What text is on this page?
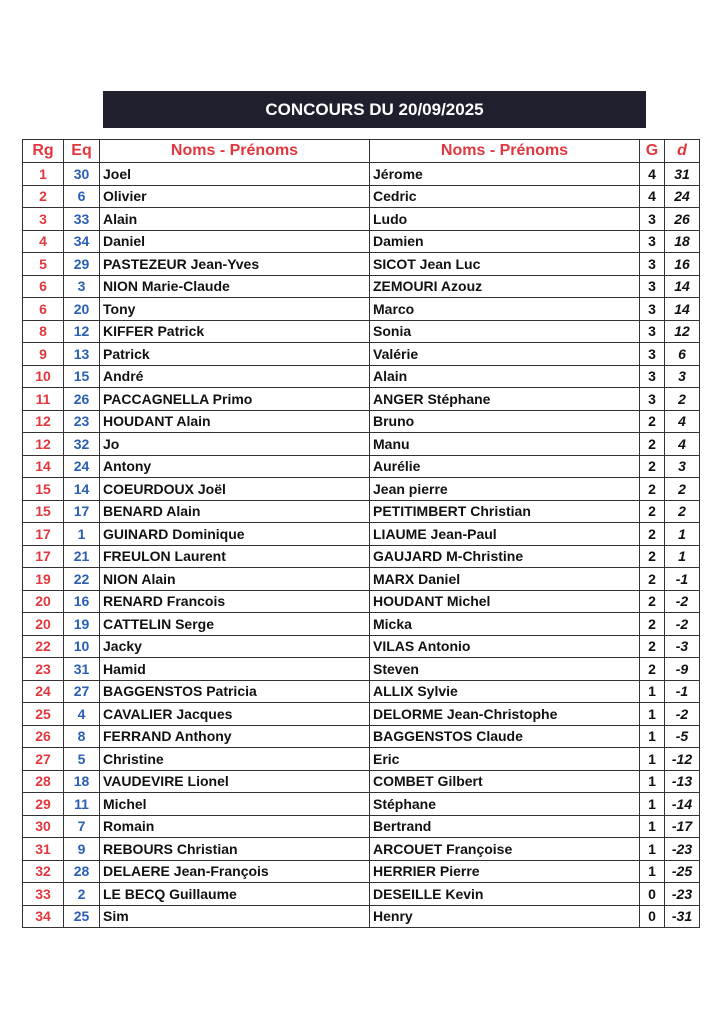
CONCOURS DU 20/09/2025
Rg	Eq	Noms - Prénoms	Noms - Prénoms	G	d
1	30	Joel	Jérome	4	31
2	6	Olivier	Cedric	4	24
3	33	Alain	Ludo	3	26
4	34	Daniel	Damien	3	18
5	29	PASTEZEUR Jean-Yves	SICOT Jean Luc	3	16
6	3	NION Marie-Claude	ZEMOURI Azouz	3	14
6	20	Tony	Marco	3	14
8	12	KIFFER Patrick	Sonia	3	12
9	13	Patrick	Valérie	3	6
10	15	André	Alain	3	3
11	26	PACCAGNELLA Primo	ANGER Stéphane	3	2
12	23	HOUDANT Alain	Bruno	2	4
12	32	Jo	Manu	2	4
14	24	Antony	Aurélie	2	3
15	14	COEURDOUX Joël	Jean pierre	2	2
15	17	BENARD Alain	PETITIMBERT Christian	2	2
17	1	GUINARD Dominique	LIAUME Jean-Paul	2	1
17	21	FREULON Laurent	GAUJARD M-Christine	2	1
19	22	NION Alain	MARX Daniel	2	-1
20	16	RENARD Francois	HOUDANT Michel	2	-2
20	19	CATTELIN Serge	Micka	2	-2
22	10	Jacky	VILAS Antonio	2	-3
23	31	Hamid	Steven	2	-9
24	27	BAGGENSTOS Patricia	ALLIX Sylvie	1	-1
25	4	CAVALIER Jacques	DELORME Jean-Christophe	1	-2
26	8	FERRAND Anthony	BAGGENSTOS Claude	1	-5
27	5	Christine	Eric	1	-12
28	18	VAUDEVIRE Lionel	COMBET Gilbert	1	-13
29	11	Michel	Stéphane	1	-14
30	7	Romain	Bertrand	1	-17
31	9	REBOURS Christian	ARCOUET Françoise	1	-23
32	28	DELAERE Jean-François	HERRIER Pierre	1	-25
33	2	LE BECQ Guillaume	DESEILLE Kevin	0	-23
34	25	Sim	Henry	0	-31
